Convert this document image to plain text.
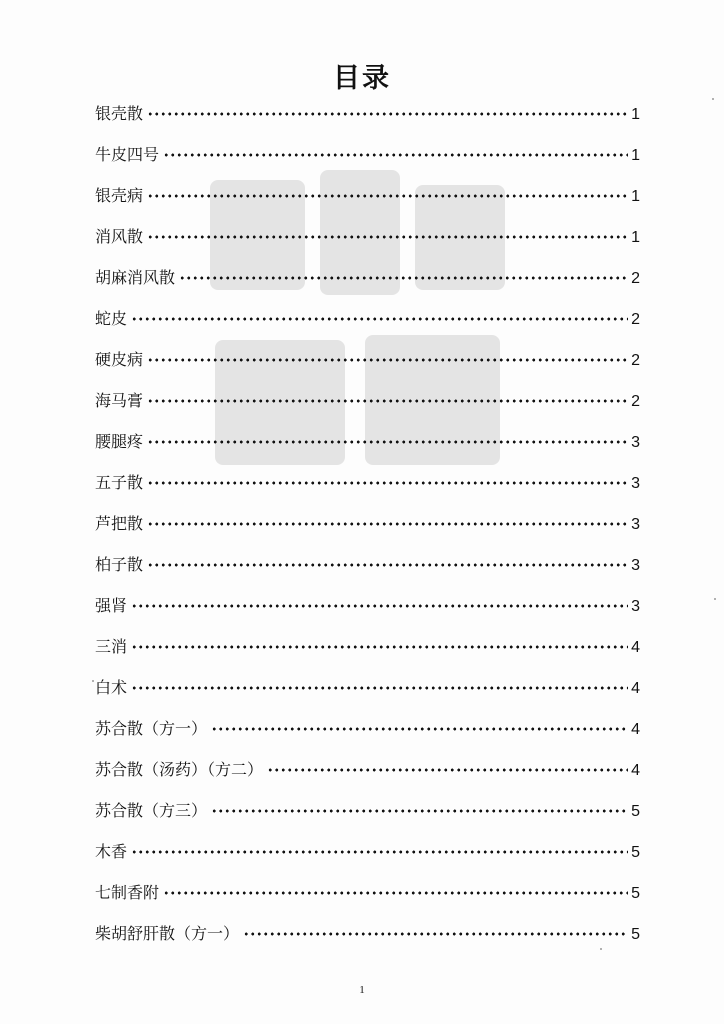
目录
银壳散	1
牛皮四号	1
银壳病	1
消风散	1
胡麻消风散	2
蛇皮	2
硬皮病	2
海马膏	2
腰腿疼	3
五子散	3
芦把散	3
柏子散	3
强肾	3
三消	4
白术	4
苏合散（方一）	4
苏合散（汤药）（方二）	4
苏合散（方三）	5
木香	5
七制香附	5
柴胡舒肝散（方一）	5
1
